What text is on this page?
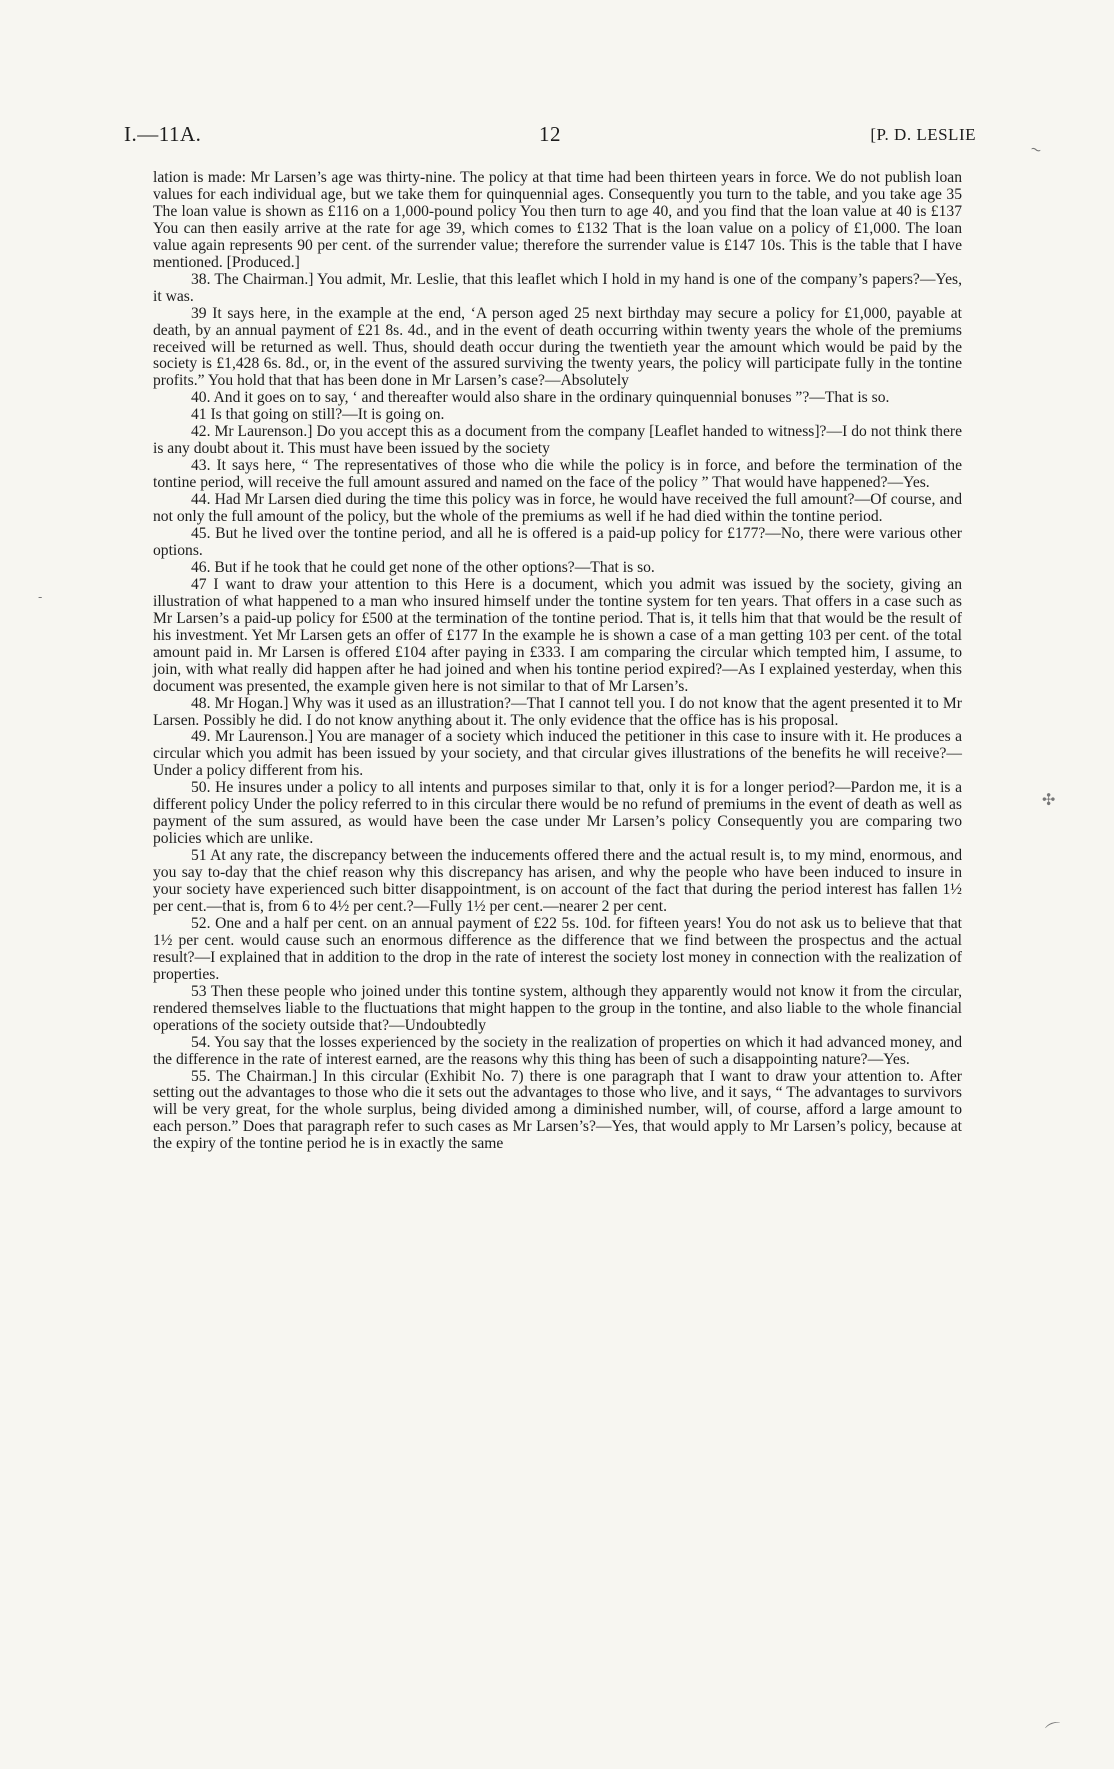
I.—11A.	12	[P. D. LESLIE

lation is made: Mr Larsen’s age was thirty-nine. The policy at that time had been thirteen years in force. We do not publish loan values for each individual age, but we take them for quinquennial ages. Consequently you turn to the table, and you take age 35 The loan value is shown as £116 on a 1,000-pound policy You then turn to age 40, and you find that the loan value at 40 is £137 You can then easily arrive at the rate for age 39, which comes to £132 That is the loan value on a policy of £1,000. The loan value again represents 90 per cent. of the surrender value; therefore the surrender value is £147 10s. This is the table that I have mentioned. [Produced.]

38. The Chairman.] You admit, Mr. Leslie, that this leaflet which I hold in my hand is one of the company’s papers?—Yes, it was.

39 It says here, in the example at the end, ‘A person aged 25 next birthday may secure a policy for £1,000, payable at death, by an annual payment of £21 8s. 4d., and in the event of death occurring within twenty years the whole of the premiums received will be returned as well. Thus, should death occur during the twentieth year the amount which would be paid by the society is £1,428 6s. 8d., or, in the event of the assured surviving the twenty years, the policy will participate fully in the tontine profits.” You hold that that has been done in Mr Larsen’s case?—Absolutely

40. And it goes on to say, ‘ and thereafter would also share in the ordinary quinquennial bonuses ”?—That is so.

41 Is that going on still?—It is going on.

42. Mr Laurenson.] Do you accept this as a document from the company [Leaflet handed to witness]?—I do not think there is any doubt about it. This must have been issued by the society

43. It says here, “ The representatives of those who die while the policy is in force, and before the termination of the tontine period, will receive the full amount assured and named on the face of the policy ” That would have happened?—Yes.

44. Had Mr Larsen died during the time this policy was in force, he would have received the full amount?—Of course, and not only the full amount of the policy, but the whole of the premiums as well if he had died within the tontine period.

45. But he lived over the tontine period, and all he is offered is a paid-up policy for £177?—No, there were various other options.

46. But if he took that he could get none of the other options?—That is so.

47 I want to draw your attention to this Here is a document, which you admit was issued by the society, giving an illustration of what happened to a man who insured himself under the tontine system for ten years. That offers in a case such as Mr Larsen’s a paid-up policy for £500 at the termination of the tontine period. That is, it tells him that that would be the result of his investment. Yet Mr Larsen gets an offer of £177 In the example he is shown a case of a man getting 103 per cent. of the total amount paid in. Mr Larsen is offered £104 after paying in £333. I am comparing the circular which tempted him, I assume, to join, with what really did happen after he had joined and when his tontine period expired?—As I explained yesterday, when this document was presented, the example given here is not similar to that of Mr Larsen’s.

48. Mr Hogan.] Why was it used as an illustration?—That I cannot tell you. I do not know that the agent presented it to Mr Larsen. Possibly he did. I do not know anything about it. The only evidence that the office has is his proposal.

49. Mr Laurenson.] You are manager of a society which induced the petitioner in this case to insure with it. He produces a circular which you admit has been issued by your society, and that circular gives illustrations of the benefits he will receive?—Under a policy different from his.

50. He insures under a policy to all intents and purposes similar to that, only it is for a longer period?—Pardon me, it is a different policy Under the policy referred to in this circular there would be no refund of premiums in the event of death as well as payment of the sum assured, as would have been the case under Mr Larsen’s policy Consequently you are comparing two policies which are unlike.

51 At any rate, the discrepancy between the inducements offered there and the actual result is, to my mind, enormous, and you say to-day that the chief reason why this discrepancy has arisen, and why the people who have been induced to insure in your society have experienced such bitter disappointment, is on account of the fact that during the period interest has fallen 1½ per cent.—that is, from 6 to 4½ per cent.?—Fully 1½ per cent.—nearer 2 per cent.

52. One and a half per cent. on an annual payment of £22 5s. 10d. for fifteen years! You do not ask us to believe that that 1½ per cent. would cause such an enormous difference as the difference that we find between the prospectus and the actual result?—I explained that in addition to the drop in the rate of interest the society lost money in connection with the realization of properties.

53 Then these people who joined under this tontine system, although they apparently would not know it from the circular, rendered themselves liable to the fluctuations that might happen to the group in the tontine, and also liable to the whole financial operations of the society outside that?—Undoubtedly

54. You say that the losses experienced by the society in the realization of properties on which it had advanced money, and the difference in the rate of interest earned, are the reasons why this thing has been of such a disappointing nature?—Yes.

55. The Chairman.] In this circular (Exhibit No. 7) there is one paragraph that I want to draw your attention to. After setting out the advantages to those who die it sets out the advantages to those who live, and it says, “ The advantages to survivors will be very great, for the whole surplus, being divided among a diminished number, will, of course, afford a large amount to each person.” Does that paragraph refer to such cases as Mr Larsen’s?—Yes, that would apply to Mr Larsen’s policy, because at the expiry of the tontine period he is in exactly the same

~
-
✣
⌒
